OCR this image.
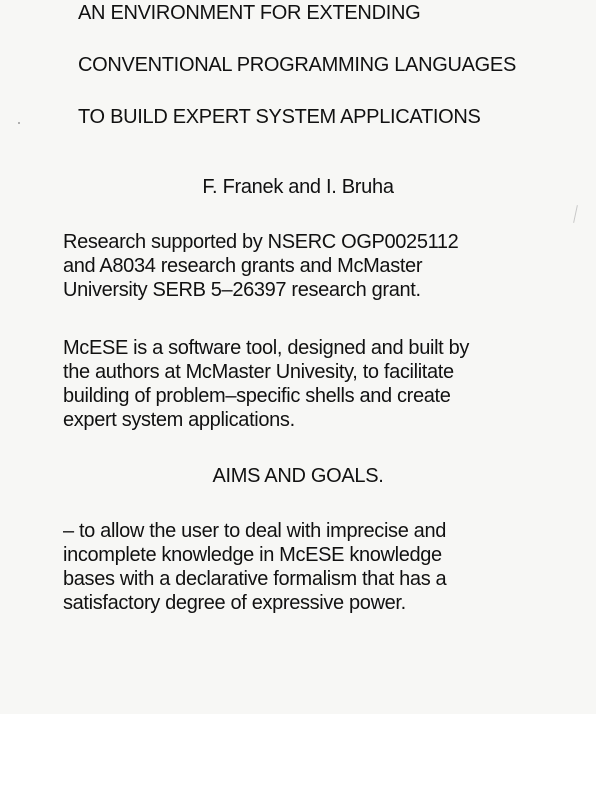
AN ENVIRONMENT FOR EXTENDING
CONVENTIONAL PROGRAMMING LANGUAGES
TO BUILD EXPERT SYSTEM APPLICATIONS

F. Franek and I. Bruha

Research supported by NSERC OGP0025112
and A8034 research grants and McMaster
University SERB 5–26397 research grant.

McESE is a software tool, designed and built by
the authors at McMaster Univesity, to facilitate
building of problem–specific shells and create
expert system applications.

AIMS AND GOALS.

– to allow the user to deal with imprecise and
incomplete knowledge in McESE knowledge
bases with a declarative formalism that has a
satisfactory degree of expressive power.
